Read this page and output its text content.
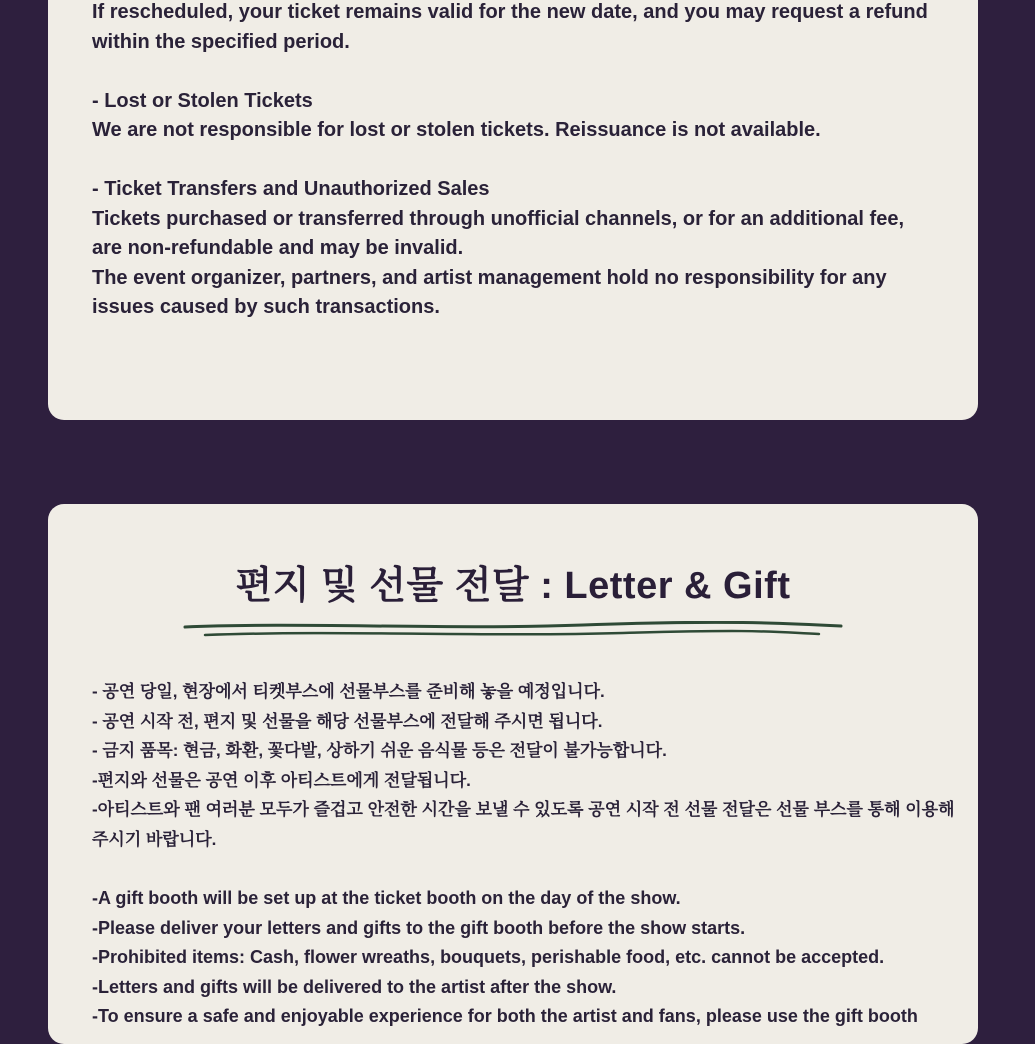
If rescheduled, your ticket remains valid for the new date, and you may request a refund
within the specified period.
- Lost or Stolen Tickets
We are not responsible for lost or stolen tickets. Reissuance is not available.
- Ticket Transfers and Unauthorized Sales
Tickets purchased or transferred through unofficial channels, or for an additional fee,
are non-refundable and may be invalid.
The event organizer, partners, and artist management hold no responsibility for any
issues caused by such transactions.
편지 및 선물 전달 : Letter & Gift
- 공연 당일, 현장에서 티켓부스에 선물부스를 준비해 놓을 예정입니다.
- 공연 시작 전, 편지 및 선물을 해당 선물부스에 전달해 주시면 됩니다.
- 금지 품목: 현금, 화환, 꽃다발, 상하기 쉬운 음식물 등은 전달이 불가능합니다.
-편지와 선물은 공연 이후 아티스트에게 전달됩니다.
-아티스트와 팬 여러분 모두가 즐겁고 안전한 시간을 보낼 수 있도록 공연 시작 전 선물 전달은 선물 부스를 통해 이용해
주시기 바랍니다.
-A gift booth will be set up at the ticket booth on the day of the show.
-Please deliver your letters and gifts to the gift booth before the show starts.
-Prohibited items: Cash, flower wreaths, bouquets, perishable food, etc. cannot be accepted.
-Letters and gifts will be delivered to the artist after the show.
-To ensure a safe and enjoyable experience for both the artist and fans, please use the gift booth
